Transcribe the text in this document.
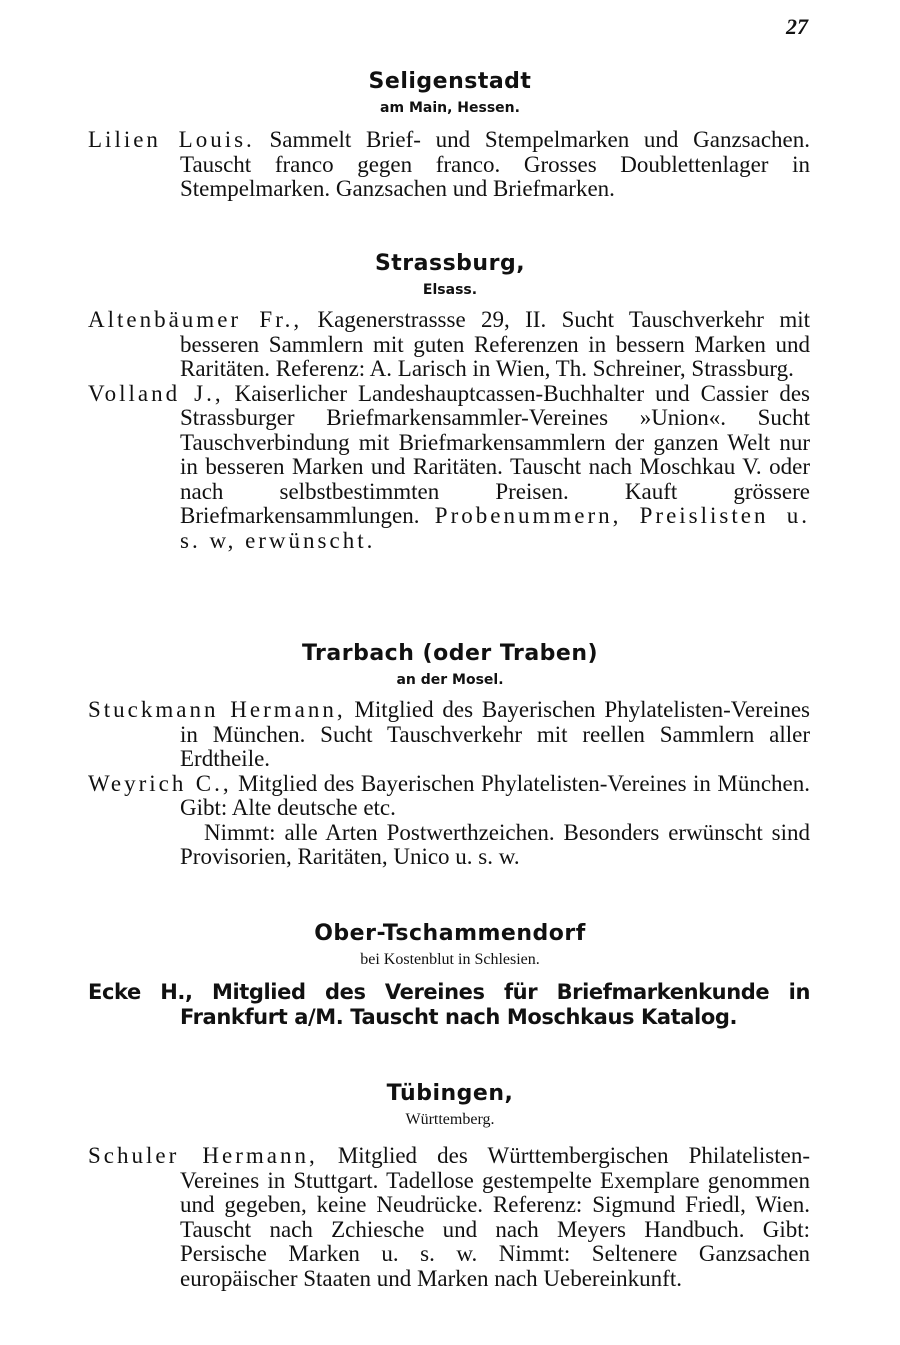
27
Seligenstadt
am Main, Hessen.
Lilien Louis. Sammelt Brief- und Stempelmarken und Ganzsachen. Tauscht franco gegen franco. Grosses Doublettenlager in Stempelmarken. Ganzsachen und Briefmarken.
Strassburg,
Elsass.
Altenbäumer Fr., Kagenerstrassse 29, II. Sucht Tauschverkehr mit besseren Sammlern mit guten Referenzen in bessern Marken und Raritäten. Referenz: A. Larisch in Wien, Th. Schreiner, Strassburg.
Volland J., Kaiserlicher Landeshauptcassen-Buchhalter und Cassier des Strassburger Briefmarkensammler-Vereines »Union«. Sucht Tauschverbindung mit Briefmarkensammlern der ganzen Welt nur in besseren Marken und Raritäten. Tauscht nach Moschkau V. oder nach selbstbestimmten Preisen. Kauft grössere Briefmarkensammlungen. Probenummern, Preislisten u. s. w, erwünscht.
Trarbach (oder Traben)
an der Mosel.
Stuckmann Hermann, Mitglied des Bayerischen Phylatelisten-Vereines in München. Sucht Tauschverkehr mit reellen Sammlern aller Erdtheile.
Weyrich C., Mitglied des Bayerischen Phylatelisten-Vereines in München. Gibt: Alte deutsche etc.
Nimmt: alle Arten Postwerthzeichen. Besonders erwünscht sind Provisorien, Raritäten, Unico u. s. w.
Ober-Tschammendorf
bei Kostenblut in Schlesien.
Ecke H., Mitglied des Vereines für Briefmarkenkunde in Frankfurt a/M. Tauscht nach Moschkaus Katalog.
Tübingen,
Württemberg.
Schuler Hermann, Mitglied des Württembergischen Philatelisten-Vereines in Stuttgart. Tadellose gestempelte Exemplare genommen und gegeben, keine Neudrücke. Referenz: Sigmund Friedl, Wien. Tauscht nach Zchiesche und nach Meyers Handbuch. Gibt: Persische Marken u. s. w. Nimmt: Seltenere Ganzsachen europäischer Staaten und Marken nach Uebereinkunft.
